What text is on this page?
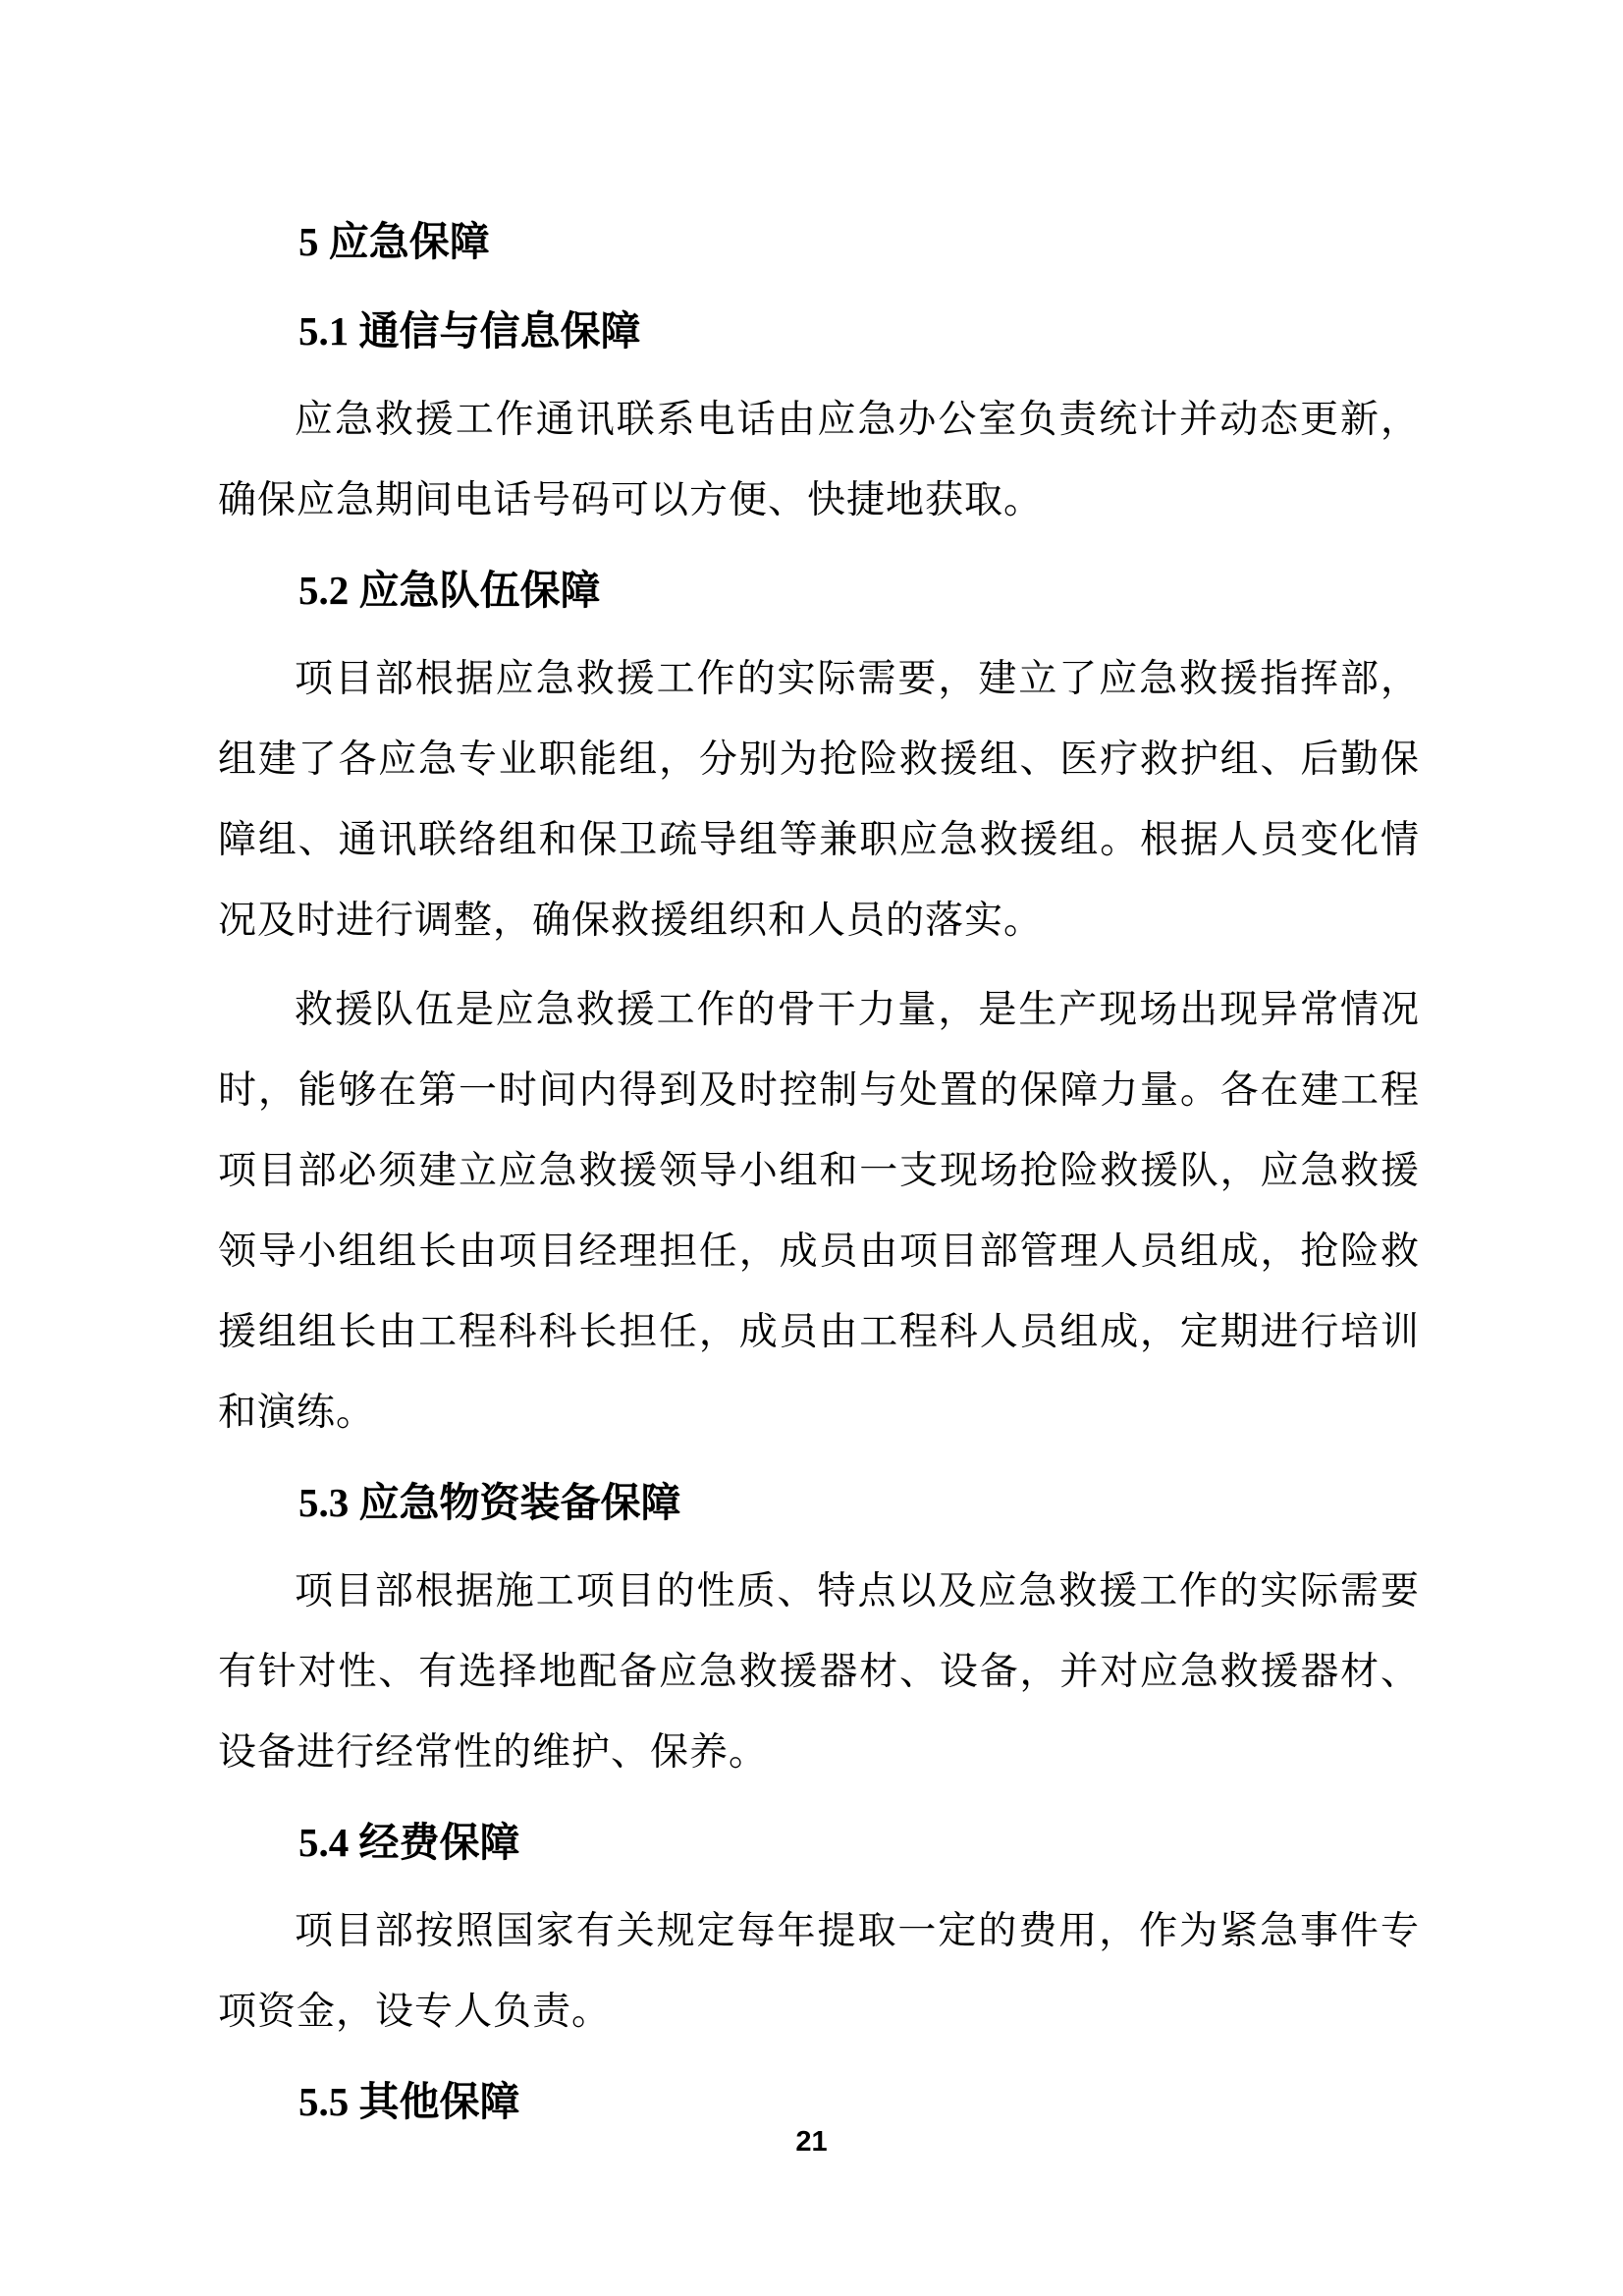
5 应急保障
5.1 通信与信息保障
应急救援工作通讯联系电话由应急办公室负责统计并动态更新，确保应急期间电话号码可以方便、快捷地获取。
5.2 应急队伍保障
项目部根据应急救援工作的实际需要，建立了应急救援指挥部，组建了各应急专业职能组，分别为抢险救援组、医疗救护组、后勤保障组、通讯联络组和保卫疏导组等兼职应急救援组。根据人员变化情况及时进行调整，确保救援组织和人员的落实。
救援队伍是应急救援工作的骨干力量，是生产现场出现异常情况时，能够在第一时间内得到及时控制与处置的保障力量。各在建工程项目部必须建立应急救援领导小组和一支现场抢险救援队，应急救援领导小组组长由项目经理担任，成员由项目部管理人员组成，抢险救援组组长由工程科科长担任，成员由工程科人员组成，定期进行培训和演练。
5.3 应急物资装备保障
项目部根据施工项目的性质、特点以及应急救援工作的实际需要有针对性、有选择地配备应急救援器材、设备，并对应急救援器材、设备进行经常性的维护、保养。
5.4 经费保障
项目部按照国家有关规定每年提取一定的费用，作为紧急事件专项资金，设专人负责。
5.5 其他保障
21
